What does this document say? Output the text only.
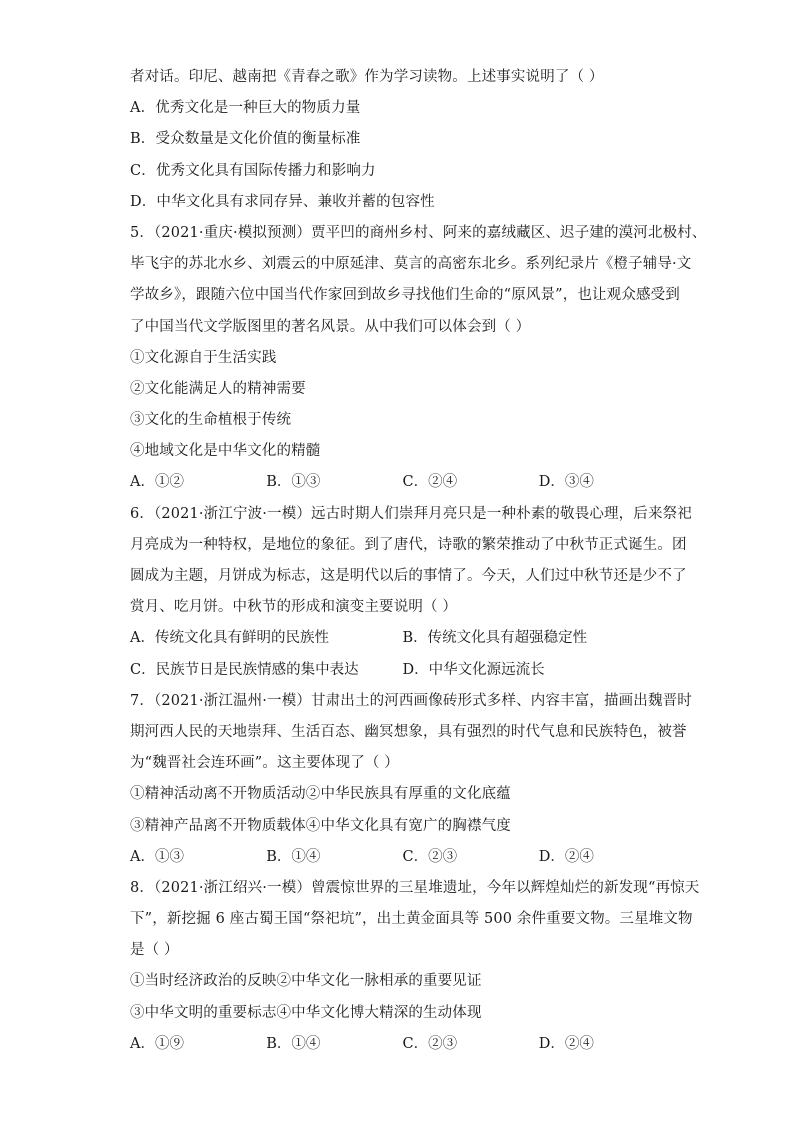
者对话。印尼、越南把《青春之歌》作为学习读物。上述事实说明了（ ）
A．优秀文化是一种巨大的物质力量
B．受众数量是文化价值的衡量标准
C．优秀文化具有国际传播力和影响力
D．中华文化具有求同存异、兼收并蓄的包容性
5．（2021·重庆·模拟预测）贾平凹的商州乡村、阿来的嘉绒藏区、迟子建的漠河北极村、
毕飞宇的苏北水乡、刘震云的中原延津、莫言的高密东北乡。系列纪录片《橙子辅导·文
学故乡》，跟随六位中国当代作家回到故乡寻找他们生命的“原风景”，也让观众感受到
了中国当代文学版图里的著名风景。从中我们可以体会到（ ）
①文化源自于生活实践
②文化能满足人的精神需要
③文化的生命植根于传统
④地域文化是中华文化的精髓
A．①②	B．①③	C．②④	D．③④
6．（2021·浙江宁波·一模）远古时期人们崇拜月亮只是一种朴素的敬畏心理，后来祭祀
月亮成为一种特权，是地位的象征。到了唐代，诗歌的繁荣推动了中秋节正式诞生。团
圆成为主题，月饼成为标志，这是明代以后的事情了。今天，人们过中秋节还是少不了
赏月、吃月饼。中秋节的形成和演变主要说明（ ）
A．传统文化具有鲜明的民族性	B．传统文化具有超强稳定性
C．民族节日是民族情感的集中表达	D．中华文化源远流长
7．（2021·浙江温州·一模）甘肃出土的河西画像砖形式多样、内容丰富，描画出魏晋时
期河西人民的天地崇拜、生活百态、幽冥想象，具有强烈的时代气息和民族特色，被誉
为“魏晋社会连环画”。这主要体现了（ ）
①精神活动离不开物质活动②中华民族具有厚重的文化底蕴
③精神产品离不开物质载体④中华文化具有宽广的胸襟气度
A．①③	B．①④	C．②③	D．②④
8．（2021·浙江绍兴·一模）曾震惊世界的三星堆遗址，今年以辉煌灿烂的新发现“再惊天
下”，新挖掘 6 座古蜀王国“祭祀坑”，出土黄金面具等 500 余件重要文物。三星堆文物
是（ ）
①当时经济政治的反映②中华文化一脉相承的重要见证
③中华文明的重要标志④中华文化博大精深的生动体现
A．①⑨	B．①④	C．②③	D．②④
